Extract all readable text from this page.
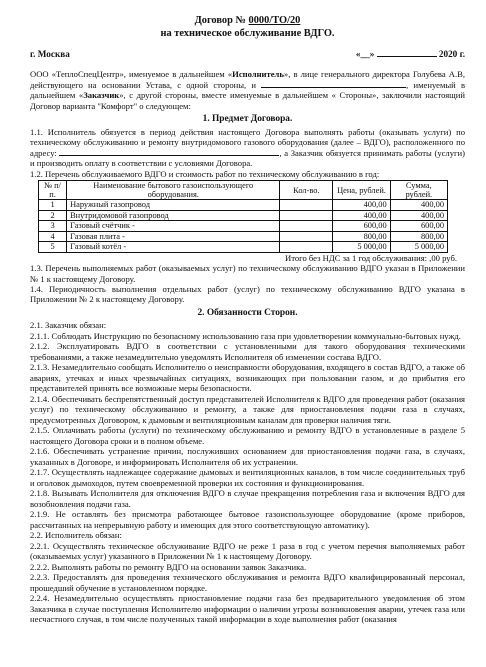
Договор № 0000/ТО/20
на техническое обслуживание ВДГО.
г. Москва	«__»	2020 г.

ООО «ТеплоСпецЦентр», именуемое в дальнейшем «Исполнитель», в лице генерального директора Голубева А.В, действующего на основании Устава, с одной стороны, и	, именуемый в дальнейшем «Заказчик», с другой стороны, вместе именуемые в дальнейшем « Стороны», заключили настоящий Договор варианта "Комфорт" о следующем:

1. Предмет Договора.

1.1. Исполнитель обязуется в период действия настоящего Договора выполнять работы (оказывать услуги) по техническому обслуживанию и ремонту внутридомового газового оборудования (далее – ВДГО), расположенного по адресу:	, а Заказчик обязуется принимать работы (услуги) и производить оплату в соответствии с условиями Договора.

1.2. Перечень обслуживаемого ВДГО и стоимость работ по техническому обслуживанию в год:

№ п/п.	Наименование бытового газоиспользующего оборудования.	Кол-во.	Цена, рублей.	Сумма, рублей.
1	Наружный газопровод		400,00	400,00
2	Внутридомовой газопровод		400,00	400,00
3	Газовый счётчик -		600,00	600,00
4	Газовая плита -		800,00	800,00
5	Газовый котёл -		5 000,00	5 000,00
Итого без НДС за 1 год обслуживания: ,00 руб.

1.3. Перечень выполняемых работ (оказываемых услуг) по техническому обслуживанию ВДГО указан в Приложении № 1 к настоящему Договору.

1.4. Периодичность выполнения отдельных работ (услуг) по техническому обслуживанию ВДГО указана в Приложении № 2 к настоящему Договору.

2. Обязанности Сторон.

2.1. Заказчик обязан:

2.1.1. Соблюдать Инструкцию по безопасному использованию газа при удовлетворении коммунально-бытовых нужд.

2.1.2. Эксплуатировать ВДГО в соответствии с установленными для такого оборудования техническими требованиями, а также незамедлительно уведомлять Исполнителя об изменении состава ВДГО.

2.1.3. Незамедлительно сообщать Исполнителю о неисправности оборудования, входящего в состав ВДГО, а также об авариях, утечках и иных чрезвычайных ситуациях, возникающих при пользовании газом, и до прибытия его представителей принять все возможные меры безопасности.

2.1.4. Обеспечивать беспрепятственный доступ представителей Исполнителя к ВДГО для проведения работ (оказания услуг) по техническому обслуживанию и ремонту, а также для приостановления подачи газа в случаях, предусмотренных Договором, к дымовым и вентиляционным каналам для проверки наличия тяги.

2.1.5. Оплачивать работы (услуги) по техническому обслуживанию и ремонту ВДГО в установленные в разделе 5 настоящего Договора сроки и в полном объеме.

2.1.6. Обеспечивать устранение причин, послуживших основанием для приостановления подачи газа, в случаях, указанных в Договоре, и информировать Исполнителя об их устранении.

2.1.7. Осуществлять надлежащее содержание дымовых и вентиляционных каналов, в том числе соединительных труб и оголовок дымоходов, путем своевременной проверки их состояния и функционирования.

2.1.8. Вызывать Исполнителя для отключения ВДГО в случае прекращения потребления газа и включения ВДГО для возобновления подачи газа.

2.1.9. Не оставлять без присмотра работающее бытовое газоиспользующее оборудование (кроме приборов, рассчитанных на непрерывную работу и имеющих для этого соответствующую автоматику).

2.2. Исполнитель обязан:

2.2.1. Осуществлять техническое обслуживание ВДГО не реже 1 раза в год с учетом перечня выполняемых работ (оказываемых услуг) указанного в Приложении № 1 к настоящему Договору.

2.2.2. Выполнять работы по ремонту ВДГО на основании заявок Заказчика.

2.2.3. Предоставлять для проведения технического обслуживания и ремонта ВДГО квалифицированный персонал, прошедший обучение в установленном порядке.

2.2.4. Незамедлительно осуществлять приостановление подачи газа без предварительного уведомления об этом Заказчика в случае поступления Исполнителю информации о наличии угрозы возникновения аварии, утечек газа или несчастного случая, в том числе полученных такой информации в ходе выполнения работ (оказания
